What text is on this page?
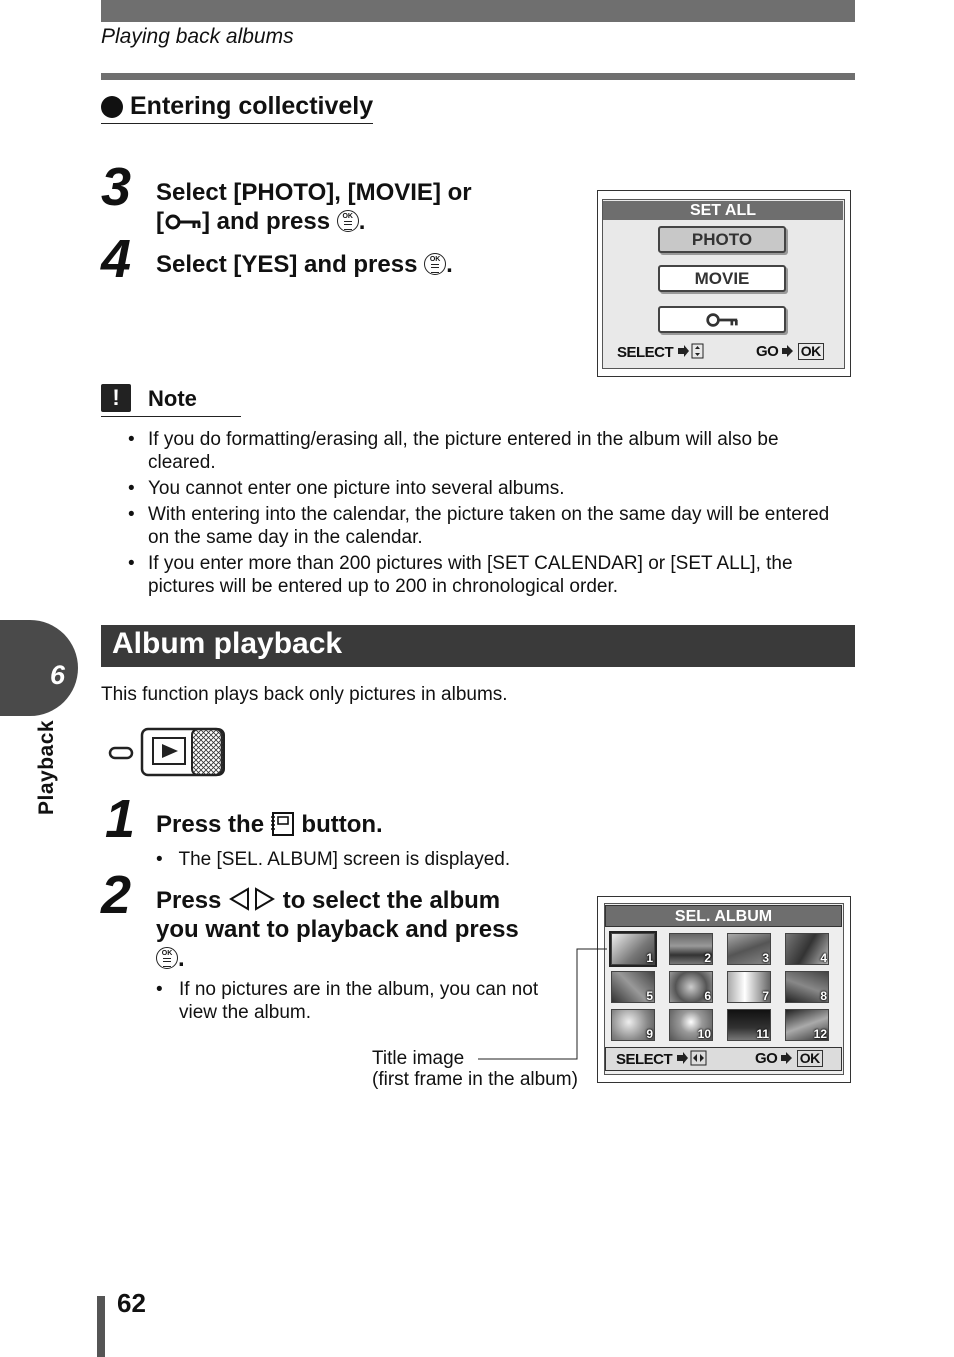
Playing back albums
Entering collectively
3 Select [PHOTO], [MOVIE] or
[ ] and press	OK .
4 Select [YES] and press	OK .
SET ALL
PHOTO
MOVIE
SELECT	GO OK
!	Note
• If you do formatting/erasing all, the picture entered in the album will also be cleared.
• You cannot enter one picture into several albums.
• With entering into the calendar, the picture taken on the same day will be entered on the same day in the calendar.
• If you enter more than 200 pictures with [SET CALENDAR] or [SET ALL], the pictures will be entered up to 200 in chronological order.
6
Playback
Album playback
This function plays back only pictures in albums.
1 Press the button.
•   The [SEL. ALBUM] screen is displayed.
2 Press	to select the album
you want to playback and press
OK .
• If no pictures are in the album, you can not view the album.
SEL. ALBUM
1	2	3	4
5	6	7	8
9	10	11	12
SELECT	GO OK
Title image
(first frame in the album)
62
